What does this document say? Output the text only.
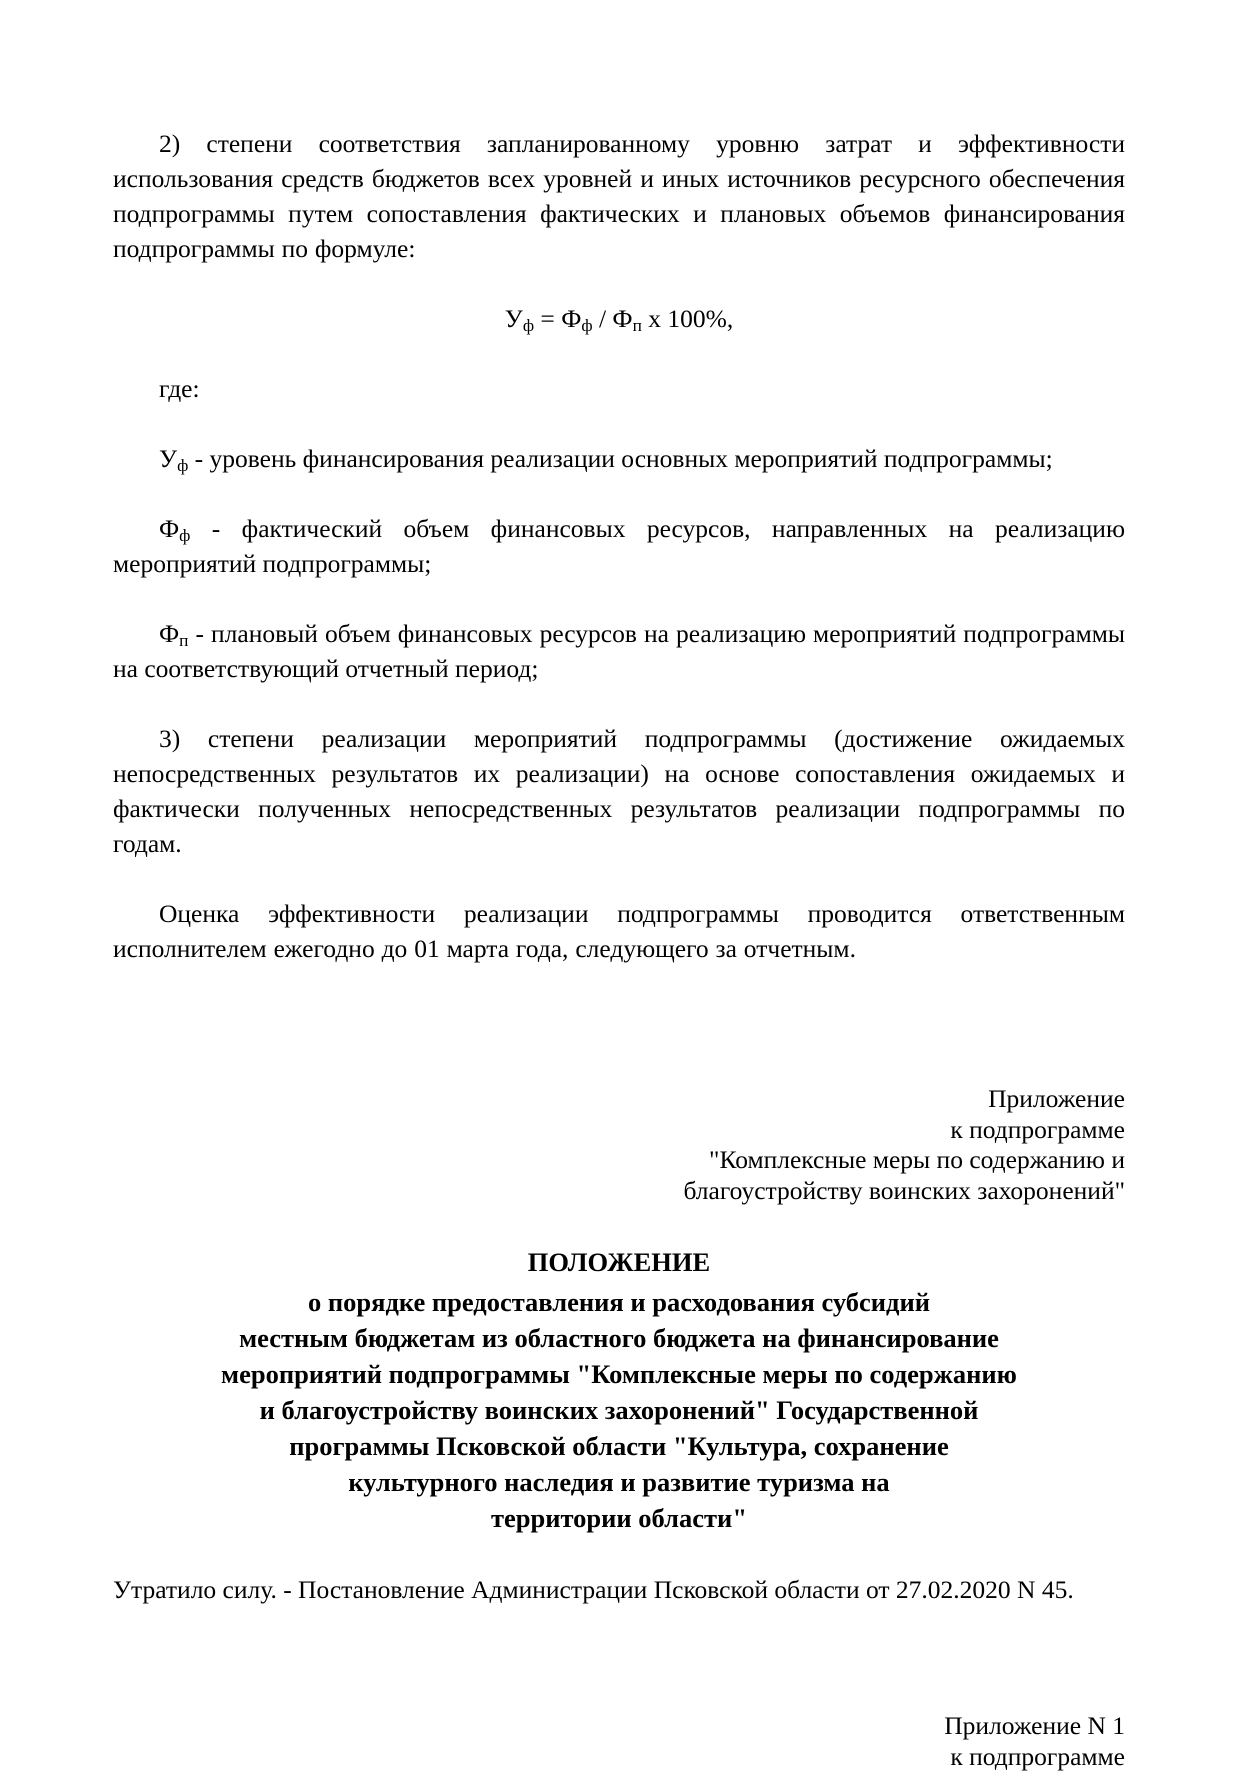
2) степени соответствия запланированному уровню затрат и эффективности использования средств бюджетов всех уровней и иных источников ресурсного обеспечения подпрограммы путем сопоставления фактических и плановых объемов финансирования подпрограммы по формуле:

$У_ф = Ф_ф / Ф_п$ x 100%,

где:

$У_ф$ - уровень финансирования реализации основных мероприятий подпрограммы;

$Ф_ф$ - фактический объем финансовых ресурсов, направленных на реализацию мероприятий подпрограммы;

$Ф_п$ - плановый объем финансовых ресурсов на реализацию мероприятий подпрограммы на соответствующий отчетный период;

3) степени реализации мероприятий подпрограммы (достижение ожидаемых непосредственных результатов их реализации) на основе сопоставления ожидаемых и фактически полученных непосредственных результатов реализации подпрограммы по годам.

Оценка эффективности реализации подпрограммы проводится ответственным исполнителем ежегодно до 01 марта года, следующего за отчетным.

Приложение
к подпрограмме
"Комплексные меры по содержанию и
благоустройству воинских захоронений"
ПОЛОЖЕНИЕ
о порядке предоставления и расходования субсидий
местным бюджетам из областного бюджета на финансирование
мероприятий подпрограммы "Комплексные меры по содержанию
и благоустройству воинских захоронений" Государственной
программы Псковской области "Культура, сохранение
культурного наследия и развитие туризма на
территории области"

Утратило силу. - Постановление Администрации Псковской области от 27.02.2020 N 45.

Приложение N 1
к подпрограмме
